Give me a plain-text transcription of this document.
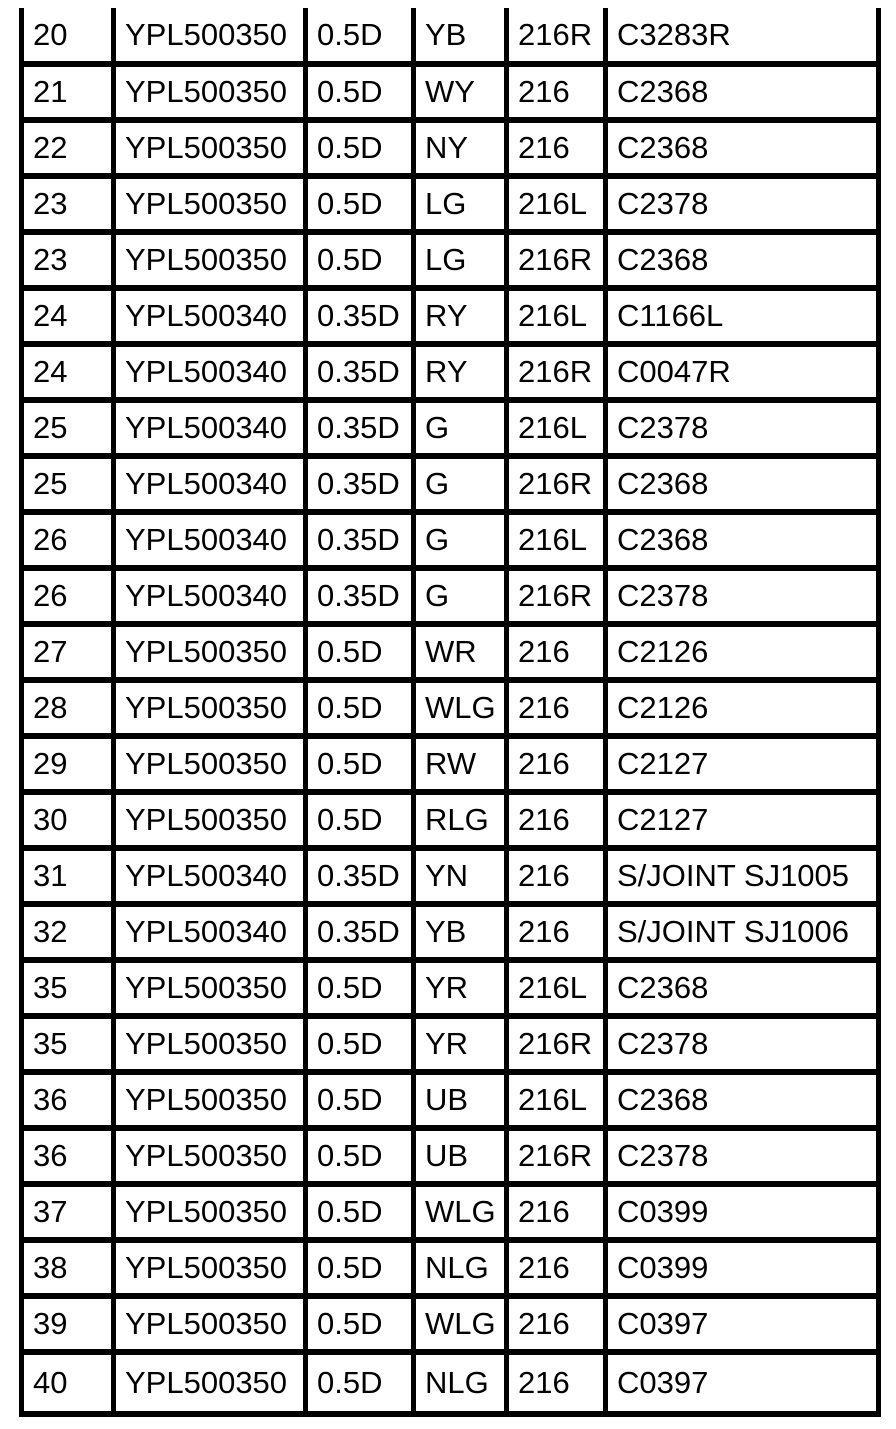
20	YPL500350	0.5D	YB	216R	C3283R
21	YPL500350	0.5D	WY	216	C2368
22	YPL500350	0.5D	NY	216	C2368
23	YPL500350	0.5D	LG	216L	C2378
23	YPL500350	0.5D	LG	216R	C2368
24	YPL500340	0.35D	RY	216L	C1166L
24	YPL500340	0.35D	RY	216R	C0047R
25	YPL500340	0.35D	G	216L	C2378
25	YPL500340	0.35D	G	216R	C2368
26	YPL500340	0.35D	G	216L	C2368
26	YPL500340	0.35D	G	216R	C2378
27	YPL500350	0.5D	WR	216	C2126
28	YPL500350	0.5D	WLG	216	C2126
29	YPL500350	0.5D	RW	216	C2127
30	YPL500350	0.5D	RLG	216	C2127
31	YPL500340	0.35D	YN	216	S/JOINT SJ1005
32	YPL500340	0.35D	YB	216	S/JOINT SJ1006
35	YPL500350	0.5D	YR	216L	C2368
35	YPL500350	0.5D	YR	216R	C2378
36	YPL500350	0.5D	UB	216L	C2368
36	YPL500350	0.5D	UB	216R	C2378
37	YPL500350	0.5D	WLG	216	C0399
38	YPL500350	0.5D	NLG	216	C0399
39	YPL500350	0.5D	WLG	216	C0397
40	YPL500350	0.5D	NLG	216	C0397
